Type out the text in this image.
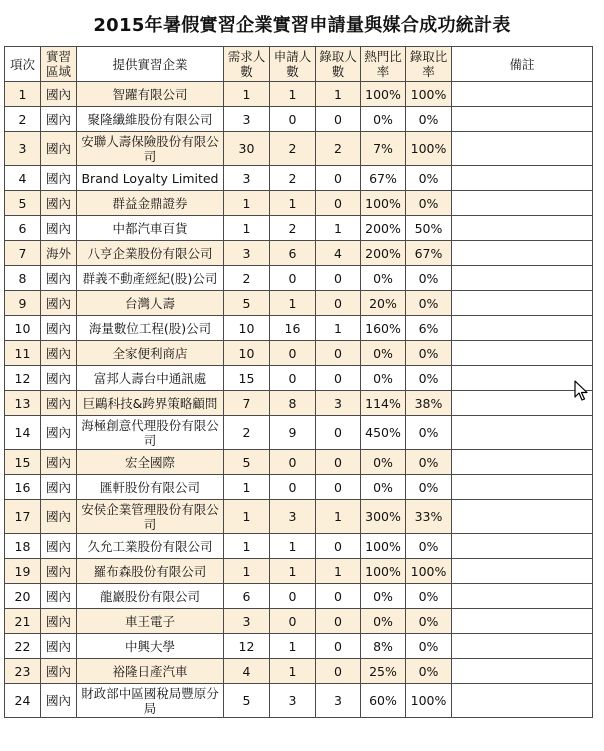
2015年暑假實習企業實習申請量與媒合成功統計表
項次	實習區域	提供實習企業	需求人數	申請人數	錄取人數	熱門比率	錄取比率	備註
1	國內	智躍有限公司	1	1	1	100%	100%	
2	國內	聚隆纖維股份有限公司	3	0	0	0%	0%	
3	國內	安聯人壽保險股份有限公司	30	2	2	7%	100%	
4	國內	Brand Loyalty Limited	3	2	0	67%	0%	
5	國內	群益金鼎證券	1	1	0	100%	0%	
6	國內	中都汽車百貨	1	2	1	200%	50%	
7	海外	八亨企業股份有限公司	3	6	4	200%	67%	
8	國內	群義不動產經紀(股)公司	2	0	0	0%	0%	
9	國內	台灣人壽	5	1	0	20%	0%	
10	國內	海量數位工程(股)公司	10	16	1	160%	6%	
11	國內	全家便利商店	10	0	0	0%	0%	
12	國內	富邦人壽台中通訊處	15	0	0	0%	0%	
13	國內	巨鷗科技&跨界策略顧問	7	8	3	114%	38%	
14	國內	海極創意代理股份有限公司	2	9	0	450%	0%	
15	國內	宏全國際	5	0	0	0%	0%	
16	國內	匯軒股份有限公司	1	0	0	0%	0%	
17	國內	安侯企業管理股份有限公司	1	3	1	300%	33%	
18	國內	久允工業股份有限公司	1	1	0	100%	0%	
19	國內	羅布森股份有限公司	1	1	1	100%	100%	
20	國內	龍巖股份有限公司	6	0	0	0%	0%	
21	國內	車王電子	3	0	0	0%	0%	
22	國內	中興大學	12	1	0	8%	0%	
23	國內	裕隆日產汽車	4	1	0	25%	0%	
24	國內	財政部中區國稅局豐原分局	5	3	3	60%	100%	
